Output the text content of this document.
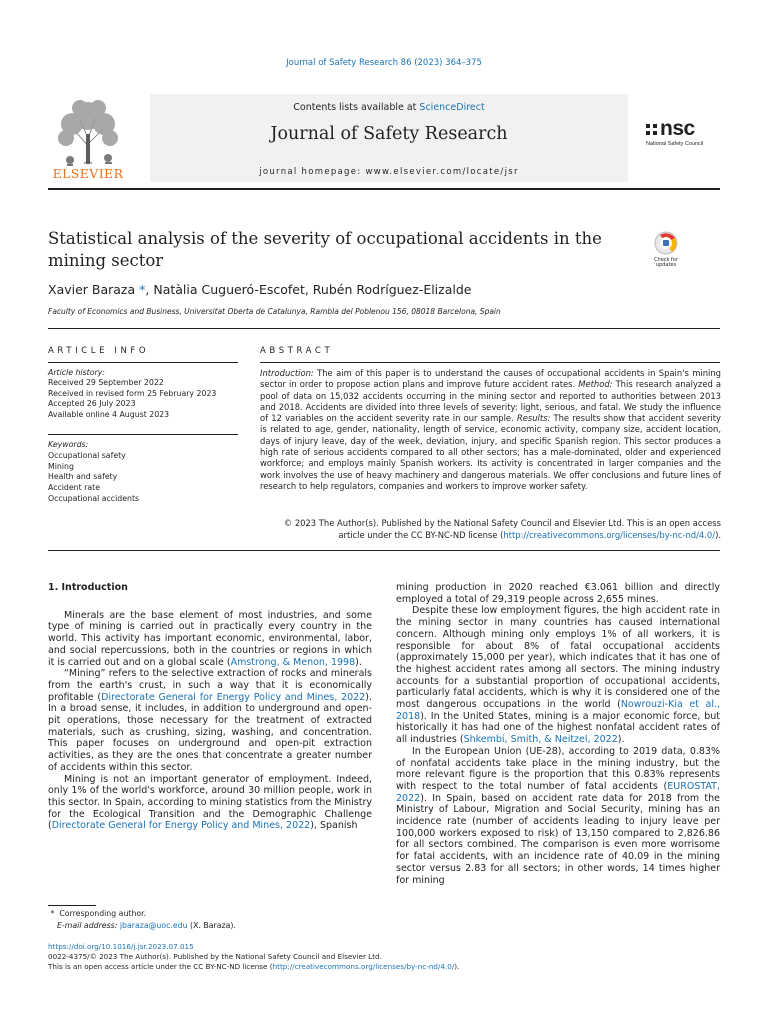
Journal of Safety Research 86 (2023) 364–375
ELSEVIER
Contents lists available at ScienceDirect
Journal of Safety Research
journal homepage: www.elsevier.com/locate/jsr
nsc
National Safety Council
Statistical analysis of the severity of occupational accidents in the mining sector	Check for
updates
Xavier Baraza *, Natàlia Cugueró-Escofet, Rubén Rodríguez-Elizalde
Faculty of Economics and Business, Universitat Oberta de Catalunya, Rambla del Poblenou 156, 08018 Barcelona, Spain
ARTICLE INFO
Article history:
Received 29 September 2022
Received in revised form 25 February 2023
Accepted 26 July 2023
Available online 4 August 2023
Keywords:
Occupational safety
Mining
Health and safety
Accident rate
Occupational accidents
ABSTRACT
Introduction: The aim of this paper is to understand the causes of occupational accidents in Spain's mining sector in order to propose action plans and improve future accident rates. Method: This research analyzed a pool of data on 15,032 accidents occurring in the mining sector and reported to authorities between 2013 and 2018. Accidents are divided into three levels of severity: light, serious, and fatal. We study the influence of 12 variables on the accident severity rate in our sample. Results: The results show that accident severity is related to age, gender, nationality, length of service, economic activity, company size, accident location, days of injury leave, day of the week, deviation, injury, and specific Spanish region. This sector produces a high rate of serious accidents compared to all other sectors; has a male-dominated, older and experienced workforce; and employs mainly Spanish workers. Its activity is concentrated in larger companies and the work involves the use of heavy machinery and dangerous materials. We offer conclusions and future lines of research to help regulators, companies and workers to improve worker safety.
© 2023 The Author(s). Published by the National Safety Council and Elsevier Ltd. This is an open access
article under the CC BY-NC-ND license (http://creativecommons.org/licenses/by-nc-nd/4.0/).
1. Introduction

Minerals are the base element of most industries, and some type of mining is carried out in practically every country in the world. This activity has important economic, environmental, labor, and social repercussions, both in the countries or regions in which it is carried out and on a global scale (Amstrong, & Menon, 1998).

“Mining” refers to the selective extraction of rocks and minerals from the earth's crust, in such a way that it is economically profitable (Directorate General for Energy Policy and Mines, 2022). In a broad sense, it includes, in addition to underground and open-pit operations, those necessary for the treatment of extracted materials, such as crushing, sizing, washing, and concentration. This paper focuses on underground and open-pit extraction activities, as they are the ones that concentrate a greater number of accidents within this sector.

Mining is not an important generator of employment. Indeed, only 1% of the world's workforce, around 30 million people, work in this sector. In Spain, according to mining statistics from the Ministry for the Ecological Transition and the Demographic Challenge (Directorate General for Energy Policy and Mines, 2022), Spanish

mining production in 2020 reached €3.061 billion and directly employed a total of 29,319 people across 2,655 mines.

Despite these low employment figures, the high accident rate in the mining sector in many countries has caused international concern. Although mining only employs 1% of all workers, it is responsible for about 8% of fatal occupational accidents (approximately 15,000 per year), which indicates that it has one of the highest accident rates among all sectors. The mining industry accounts for a substantial proportion of occupational accidents, particularly fatal accidents, which is why it is considered one of the most dangerous occupations in the world (Nowrouzi-Kia et al., 2018). In the United States, mining is a major economic force, but historically it has had one of the highest nonfatal accident rates of all industries (Shkembi, Smith, & Neitzel, 2022).

In the European Union (UE-28), according to 2019 data, 0.83% of nonfatal accidents take place in the mining industry, but the more relevant figure is the proportion that this 0.83% represents with respect to the total number of fatal accidents (EUROSTAT, 2022). In Spain, based on accident rate data for 2018 from the Ministry of Labour, Migration and Social Security, mining has an incidence rate (number of accidents leading to injury leave per 100,000 workers exposed to risk) of 13,150 compared to 2,826.86 for all sectors combined. The comparison is even more worrisome for fatal accidents, with an incidence rate of 40.09 in the mining sector versus 2.83 for all sectors; in other words, 14 times higher for mining

* Corresponding author.
E-mail address: jbaraza@uoc.edu (X. Baraza).
https://doi.org/10.1016/j.jsr.2023.07.015
0022-4375/© 2023 The Author(s). Published by the National Safety Council and Elsevier Ltd.
This is an open access article under the CC BY-NC-ND license (http://creativecommons.org/licenses/by-nc-nd/4.0/).
